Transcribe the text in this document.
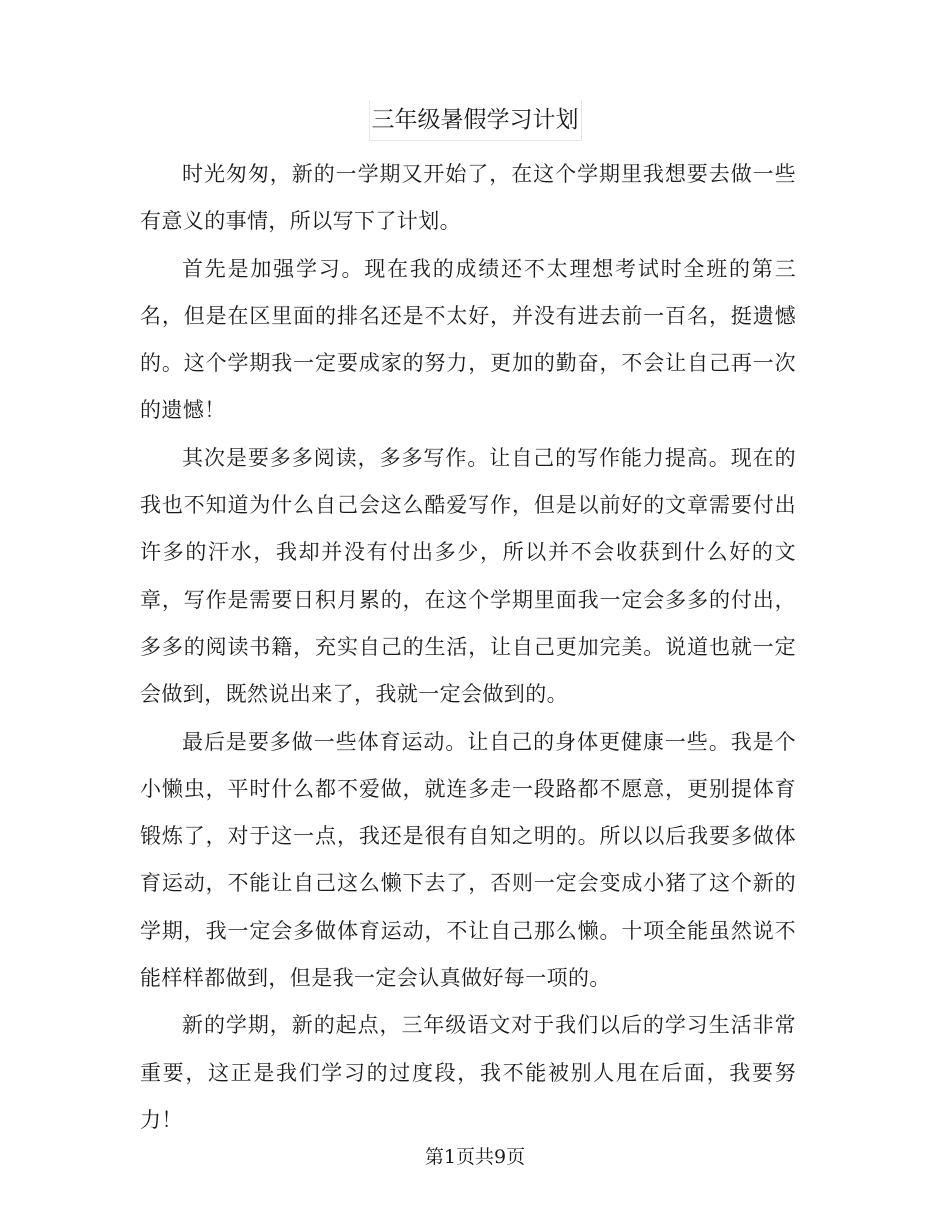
三年级暑假学习计划

时光匆匆，新的一学期又开始了，在这个学期里我想要去做一些有意义的事情，所以写下了计划。

首先是加强学习。现在我的成绩还不太理想考试时全班的第三名，但是在区里面的排名还是不太好，并没有进去前一百名，挺遗憾的。这个学期我一定要成家的努力，更加的勤奋，不会让自己再一次的遗憾！

其次是要多多阅读，多多写作。让自己的写作能力提高。现在的我也不知道为什么自己会这么酷爱写作，但是以前好的文章需要付出许多的汗水，我却并没有付出多少，所以并不会收获到什么好的文章，写作是需要日积月累的，在这个学期里面我一定会多多的付出，多多的阅读书籍，充实自己的生活，让自己更加完美。说道也就一定会做到，既然说出来了，我就一定会做到的。

最后是要多做一些体育运动。让自己的身体更健康一些。我是个小懒虫，平时什么都不爱做，就连多走一段路都不愿意，更别提体育锻炼了，对于这一点，我还是很有自知之明的。所以以后我要多做体育运动，不能让自己这么懒下去了，否则一定会变成小猪了这个新的学期，我一定会多做体育运动，不让自己那么懒。十项全能虽然说不能样样都做到，但是我一定会认真做好每一项的。

新的学期，新的起点，三年级语文对于我们以后的学习生活非常重要，这正是我们学习的过度段，我不能被别人甩在后面，我要努力！

第1页共9页
